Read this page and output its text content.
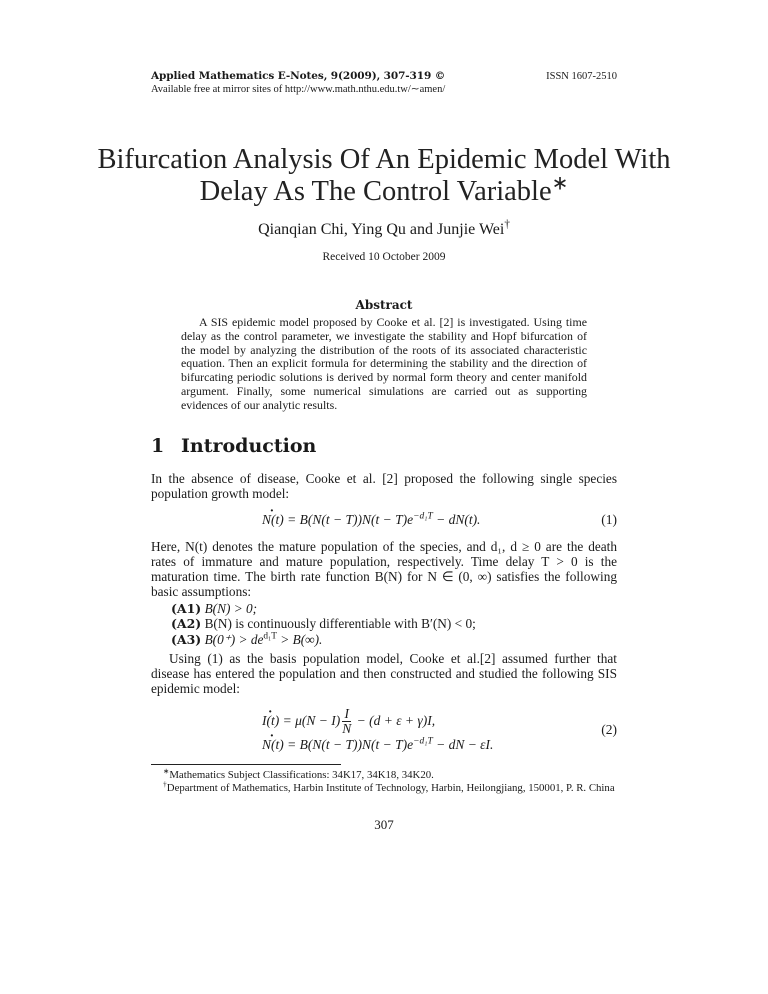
Applied Mathematics E-Notes, 9(2009), 307-319 ©
Available free at mirror sites of http://www.math.nthu.edu.tw/∼amen/
ISSN 1607-2510
Bifurcation Analysis Of An Epidemic Model With
Delay As The Control Variable∗
Qianqian Chi, Ying Qu and Junjie Wei†
Received 10 October 2009
Abstract
A SIS epidemic model proposed by Cooke et al. [2] is investigated. Using time delay as the control parameter, we investigate the stability and Hopf bifurcation of the model by analyzing the distribution of the roots of its associated characteristic equation. Then an explicit formula for determining the stability and the direction of bifurcating periodic solutions is derived by normal form theory and center manifold argument. Finally, some numerical simulations are carried out as supporting evidences of our analytic results.
1 Introduction
In the absence of disease, Cooke et al. [2] proposed the following single species population growth model:
· $N(t) = B(N(t - T))N(t - T)e^{-d_1T} - dN(t)$.	(1)
Here, N(t) denotes the mature population of the species, and d₁, d ≥ 0 are the death rates of immature and mature population, respectively. Time delay T > 0 is the maturation time. The birth rate function B(N) for N ∈ (0, ∞) satisfies the following basic assumptions:
(A1) B(N) > 0;
(A2) B(N) is continuously differentiable with B′(N) < 0;
(A3) $B(0^+) > de^{d_1T} > B(\infty)$.
Using (1) as the basis population model, Cooke et al.[2] assumed further that disease has entered the population and then constructed and studied the following SIS epidemic model:
· $I(t) = \mu(N - I) \frac{I}{N} - (d + \varepsilon + \gamma)I$,
· $N(t) = B(N(t - T))N(t - T)e^{-d_1T}$ − dN − εI.
(2)
∗Mathematics Subject Classifications: 34K17, 34K18, 34K20.
†Department of Mathematics, Harbin Institute of Technology, Harbin, Heilongjiang, 150001, P. R. China
307
